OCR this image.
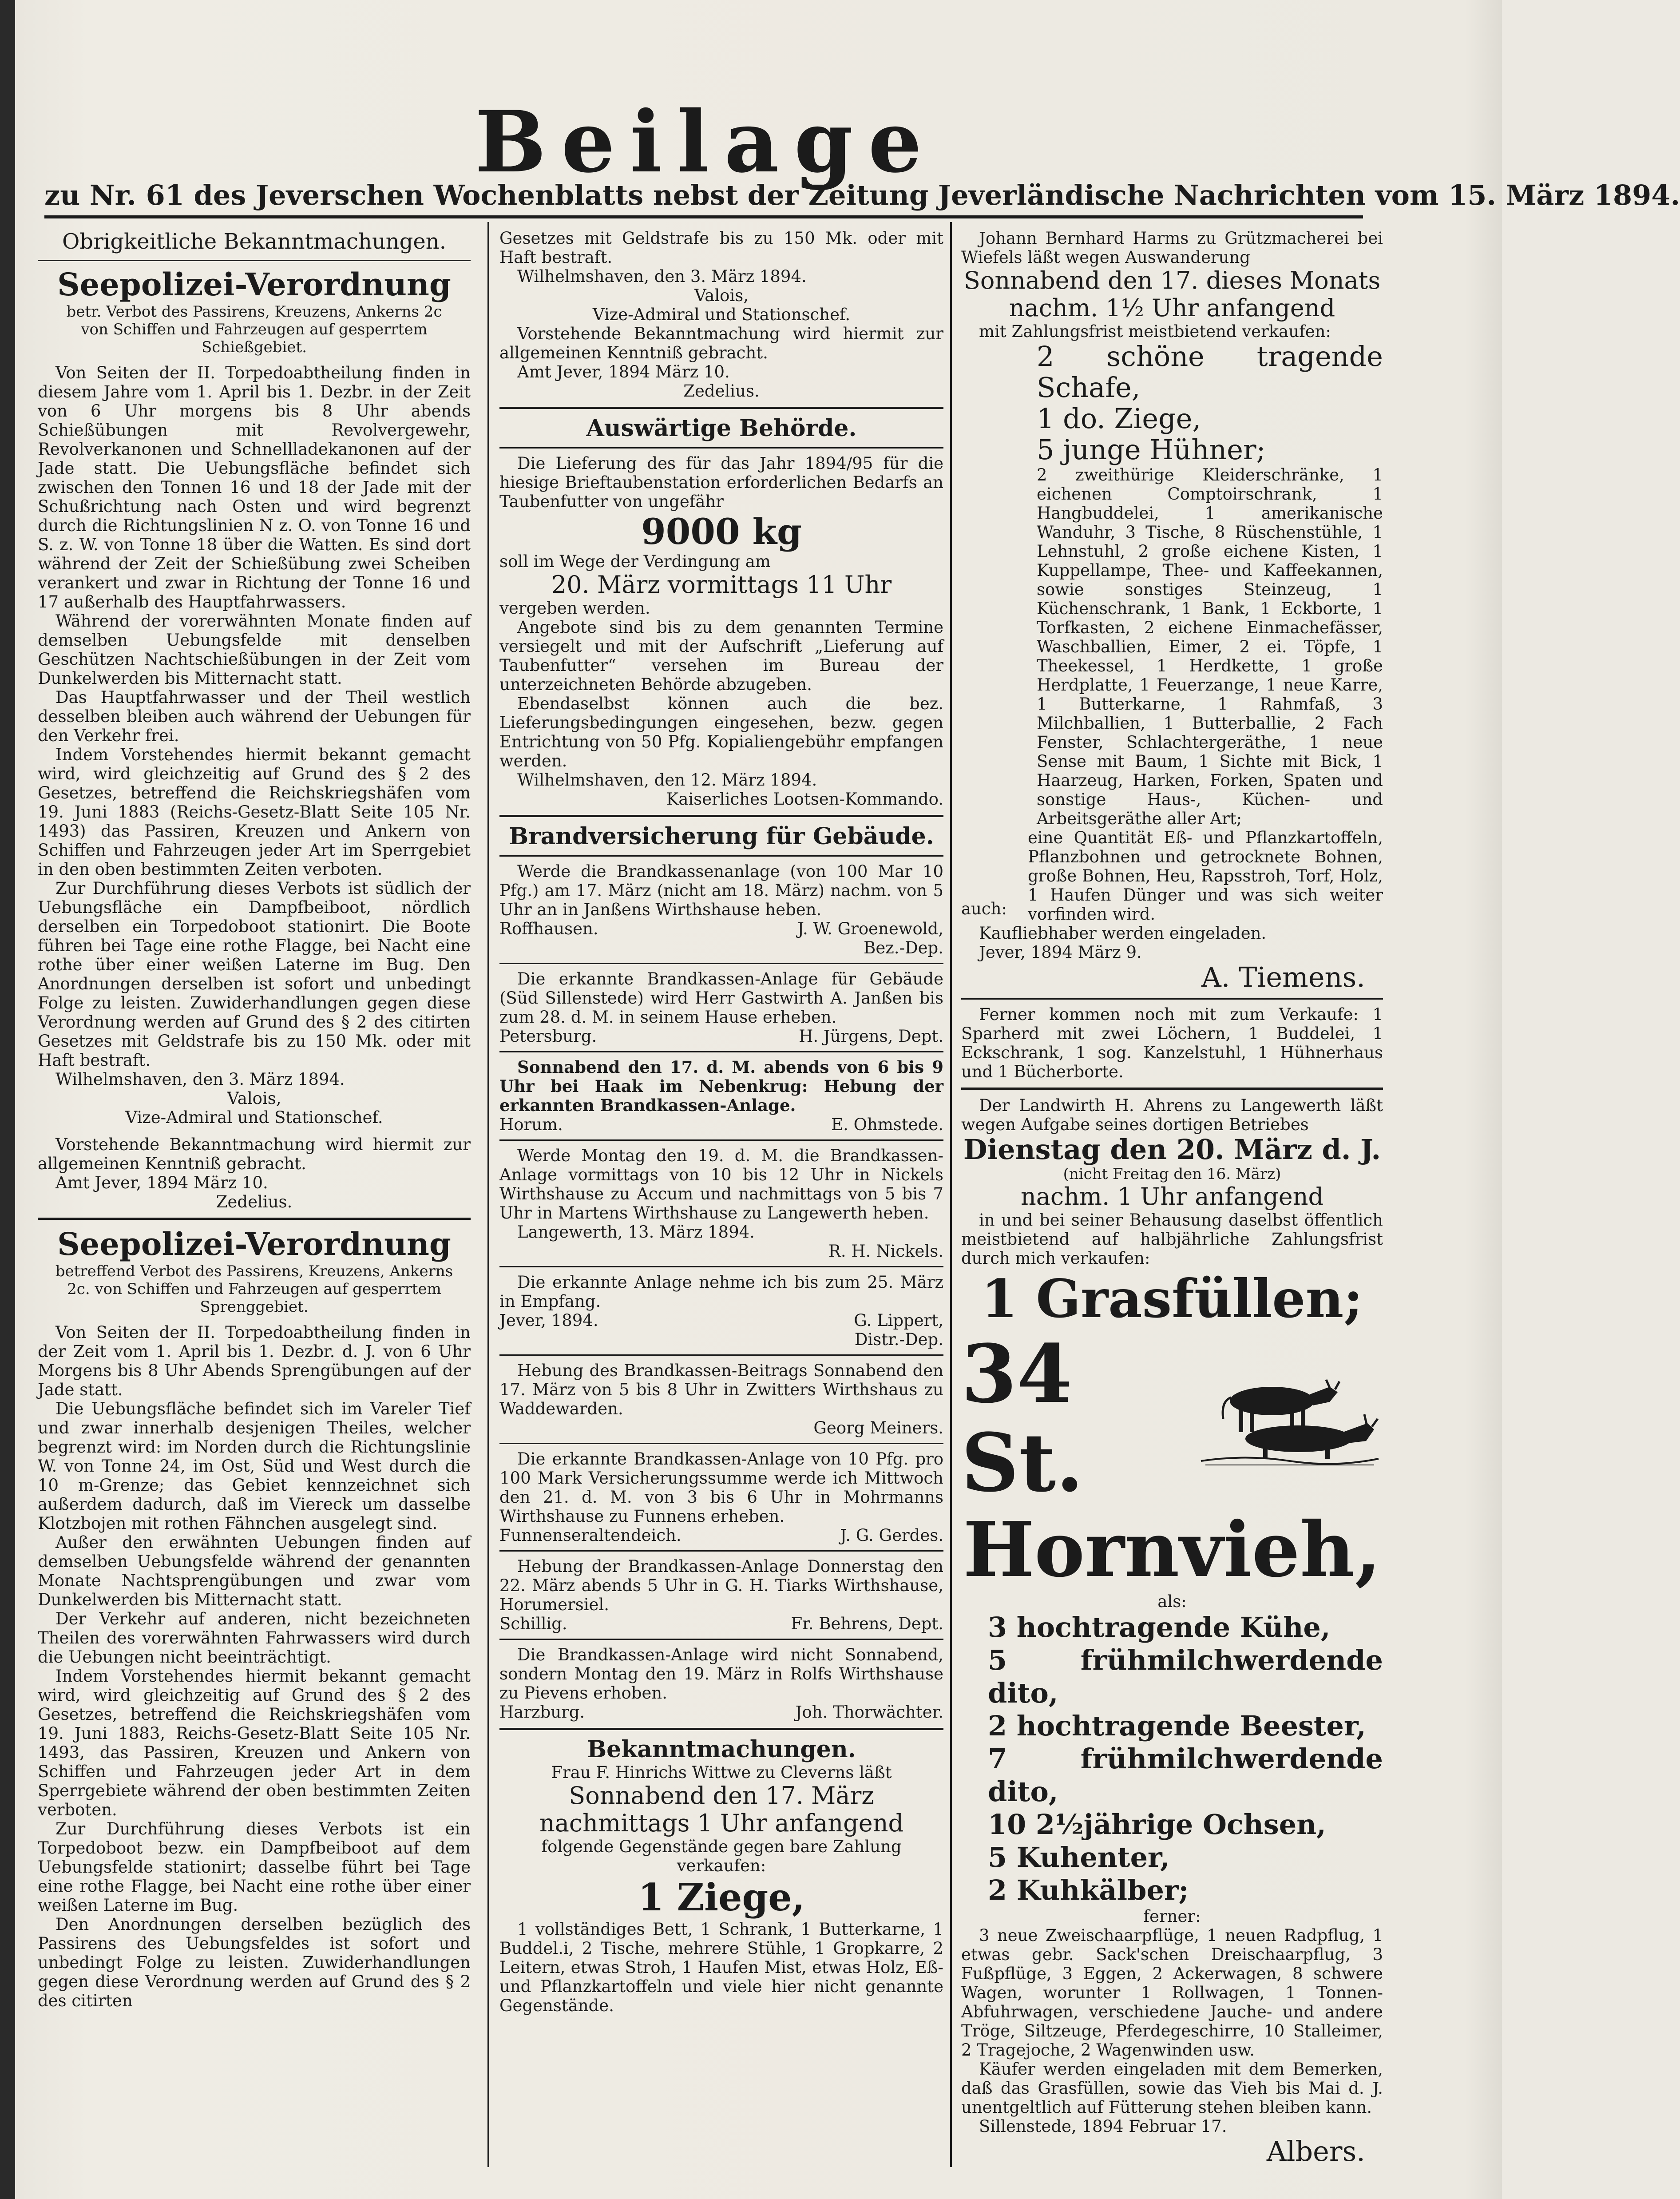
Beilage
zu Nr. 61 des Jeverschen Wochenblatts nebst der Zeitung Jeverländische Nachrichten vom 15. März 1894.

Obrigkeitliche Bekanntmachungen.

Seepolizei-Verordnung

betr. Verbot des Passirens, Kreuzens, Ankerns 2c von Schiffen und Fahrzeugen auf gesperrtem Schießgebiet.

Von Seiten der II. Torpedoabtheilung finden in diesem Jahre vom 1. April bis 1. Dezbr. in der Zeit von 6 Uhr morgens bis 8 Uhr abends Schießübungen mit Revolvergewehr, Revolverkanonen und Schnellladekanonen auf der Jade statt. Die Uebungsfläche befindet sich zwischen den Tonnen 16 und 18 der Jade mit der Schußrichtung nach Osten und wird begrenzt durch die Richtungslinien N z. O. von Tonne 16 und S. z. W. von Tonne 18 über die Watten. Es sind dort während der Zeit der Schießübung zwei Scheiben verankert und zwar in Richtung der Tonne 16 und 17 außerhalb des Hauptfahrwassers.

Während der vorerwähnten Monate finden auf demselben Uebungsfelde mit denselben Geschützen Nachtschießübungen in der Zeit vom Dunkelwerden bis Mitternacht statt.

Das Hauptfahrwasser und der Theil westlich desselben bleiben auch während der Uebungen für den Verkehr frei.

Indem Vorstehendes hiermit bekannt gemacht wird, wird gleichzeitig auf Grund des § 2 des Gesetzes, betreffend die Reichskriegshäfen vom 19. Juni 1883 (Reichs-Gesetz-Blatt Seite 105 Nr. 1493) das Passiren, Kreuzen und Ankern von Schiffen und Fahrzeugen jeder Art im Sperrgebiet in den oben bestimmten Zeiten verboten.

Zur Durchführung dieses Verbots ist südlich der Uebungsfläche ein Dampfbeiboot, nördlich derselben ein Torpedoboot stationirt. Die Boote führen bei Tage eine rothe Flagge, bei Nacht eine rothe über einer weißen Laterne im Bug. Den Anordnungen derselben ist sofort und unbedingt Folge zu leisten. Zuwiderhandlungen gegen diese Verordnung werden auf Grund des § 2 des citirten Gesetzes mit Geldstrafe bis zu 150 Mk. oder mit Haft bestraft.

Wilhelmshaven, den 3. März 1894.

Valois,

Vize-Admiral und Stationschef.

Vorstehende Bekanntmachung wird hiermit zur allgemeinen Kenntniß gebracht.

Amt Jever, 1894 März 10.

Zedelius.

Seepolizei-Verordnung

betreffend Verbot des Passirens, Kreuzens, Ankerns 2c. von Schiffen und Fahrzeugen auf gesperrtem Sprenggebiet.

Von Seiten der II. Torpedoabtheilung finden in der Zeit vom 1. April bis 1. Dezbr. d. J. von 6 Uhr Morgens bis 8 Uhr Abends Sprengübungen auf der Jade statt.

Die Uebungsfläche befindet sich im Vareler Tief und zwar innerhalb desjenigen Theiles, welcher begrenzt wird: im Norden durch die Richtungslinie W. von Tonne 24, im Ost, Süd und West durch die 10 m-Grenze; das Gebiet kennzeichnet sich außerdem dadurch, daß im Viereck um dasselbe Klotzbojen mit rothen Fähnchen ausgelegt sind.

Außer den erwähnten Uebungen finden auf demselben Uebungsfelde während der genannten Monate Nachtsprengübungen und zwar vom Dunkelwerden bis Mitternacht statt.

Der Verkehr auf anderen, nicht bezeichneten Theilen des vorerwähnten Fahrwassers wird durch die Uebungen nicht beeinträchtigt.

Indem Vorstehendes hiermit bekannt gemacht wird, wird gleichzeitig auf Grund des § 2 des Gesetzes, betreffend die Reichskriegshäfen vom 19. Juni 1883, Reichs-Gesetz-Blatt Seite 105 Nr. 1493, das Passiren, Kreuzen und Ankern von Schiffen und Fahrzeugen jeder Art in dem Sperrgebiete während der oben bestimmten Zeiten verboten.

Zur Durchführung dieses Verbots ist ein Torpedoboot bezw. ein Dampfbeiboot auf dem Uebungsfelde stationirt; dasselbe führt bei Tage eine rothe Flagge, bei Nacht eine rothe über einer weißen Laterne im Bug.

Den Anordnungen derselben bezüglich des Passirens des Uebungsfeldes ist sofort und unbedingt Folge zu leisten. Zuwiderhandlungen gegen diese Verordnung werden auf Grund des § 2 des citirten

Gesetzes mit Geldstrafe bis zu 150 Mk. oder mit Haft bestraft.

Wilhelmshaven, den 3. März 1894.

Valois,

Vize-Admiral und Stationschef.

Vorstehende Bekanntmachung wird hiermit zur allgemeinen Kenntniß gebracht.

Amt Jever, 1894 März 10.

Zedelius.

Auswärtige Behörde.

Die Lieferung des für das Jahr 1894/95 für die hiesige Brieftaubenstation erforderlichen Bedarfs an Taubenfutter von ungefähr

9000 kg

soll im Wege der Verdingung am

20. März vormittags 11 Uhr

vergeben werden.

Angebote sind bis zu dem genannten Termine versiegelt und mit der Aufschrift „Lieferung auf Taubenfutter“ versehen im Bureau der unterzeichneten Behörde abzugeben.

Ebendaselbst können auch die bez. Lieferungsbedingungen eingesehen, bezw. gegen Entrichtung von 50 Pfg. Kopialiengebühr empfangen werden.

Wilhelmshaven, den 12. März 1894.

Kaiserliches Lootsen-Kommando.

Brandversicherung für Gebäude.

Werde die Brandkassenanlage (von 100 Mar 10 Pfg.) am 17. März (nicht am 18. März) nachm. von 5 Uhr an in Janßens Wirthshause heben.

Roffhausen.	J. W. Groenewold,

Bez.-Dep.

Die erkannte Brandkassen-Anlage für Gebäude (Süd Sillenstede) wird Herr Gastwirth A. Janßen bis zum 28. d. M. in seinem Hause erheben.

Petersburg.	H. Jürgens, Dept.

Sonnabend den 17. d. M. abends von 6 bis 9 Uhr bei Haak im Nebenkrug: Hebung der erkannten Brandkassen-Anlage.

Horum.	E. Ohmstede.

Werde Montag den 19. d. M. die Brandkassen-Anlage vormittags von 10 bis 12 Uhr in Nickels Wirthshause zu Accum und nachmittags von 5 bis 7 Uhr in Martens Wirthshause zu Langewerth heben.

Langewerth, 13. März 1894.

R. H. Nickels.

Die erkannte Anlage nehme ich bis zum 25. März in Empfang.

Jever, 1894.	G. Lippert,

Distr.-Dep.

Hebung des Brandkassen-Beitrags Sonnabend den 17. März von 5 bis 8 Uhr in Zwitters Wirthshaus zu Waddewarden.

Georg Meiners.

Die erkannte Brandkassen-Anlage von 10 Pfg. pro 100 Mark Versicherungssumme werde ich Mittwoch den 21. d. M. von 3 bis 6 Uhr in Mohrmanns Wirthshause zu Funnens erheben.

Funnenseraltendeich.	J. G. Gerdes.

Hebung der Brandkassen-Anlage Donnerstag den 22. März abends 5 Uhr in G. H. Tiarks Wirthshause, Horumersiel.

Schillig.	Fr. Behrens, Dept.

Die Brandkassen-Anlage wird nicht Sonnabend, sondern Montag den 19. März in Rolfs Wirthshause zu Pievens erhoben.

Harzburg.	Joh. Thorwächter.

Bekanntmachungen.

Frau F. Hinrichs Wittwe zu Cleverns läßt

Sonnabend den 17. März

nachmittags 1 Uhr anfangend

folgende Gegenstände gegen bare Zahlung verkaufen:

1 Ziege,

1 vollständiges Bett, 1 Schrank, 1 Butterkarne, 1 Buddel.i, 2 Tische, mehrere Stühle, 1 Gropkarre, 2 Leitern, etwas Stroh, 1 Haufen Mist, etwas Holz, Eß- und Pflanzkartoffeln und viele hier nicht genannte Gegenstände.

Johann Bernhard Harms zu Grützmacherei bei Wiefels läßt wegen Auswanderung

Sonnabend den 17. dieses Monats

nachm. 1½ Uhr anfangend

mit Zahlungsfrist meistbietend verkaufen:

2 schöne tragende Schafe,

1 do. Ziege,

5 junge Hühner;

2 zweithürige Kleiderschränke, 1 eichenen Comptoirschrank, 1 Hangbuddelei, 1 amerikanische Wanduhr, 3 Tische, 8 Rüschenstühle, 1 Lehnstuhl, 2 große eichene Kisten, 1 Kuppellampe, Thee- und Kaffeekannen, sowie sonstiges Steinzeug, 1 Küchenschrank, 1 Bank, 1 Eckborte, 1 Torfkasten, 2 eichene Einmachefässer, Waschballien, Eimer, 2 ei. Töpfe, 1 Theekessel, 1 Herdkette, 1 große Herdplatte, 1 Feuerzange, 1 neue Karre, 1 Butterkarne, 1 Rahmfaß, 3 Milchballien, 1 Butterballie, 2 Fach Fenster, Schlachtergeräthe, 1 neue Sense mit Baum, 1 Sichte mit Bick, 1 Haarzeug, Harken, Forken, Spaten und sonstige Haus-, Küchen- und Arbeitsgeräthe aller Art;

auch:

eine Quantität Eß- und Pflanzkartoffeln, Pflanzbohnen und getrocknete Bohnen, große Bohnen, Heu, Rapsstroh, Torf, Holz, 1 Haufen Dünger und was sich weiter vorfinden wird.

Kaufliebhaber werden eingeladen.

Jever, 1894 März 9.

A. Tiemens.

Ferner kommen noch mit zum Verkaufe: 1 Sparherd mit zwei Löchern, 1 Buddelei, 1 Eckschrank, 1 sog. Kanzelstuhl, 1 Hühnerhaus und 1 Bücherborte.

Der Landwirth H. Ahrens zu Langewerth läßt wegen Aufgabe seines dortigen Betriebes

Dienstag den 20. März d. J.

(nicht Freitag den 16. März)

nachm. 1 Uhr anfangend

in und bei seiner Behausung daselbst öffentlich meistbietend auf halbjährliche Zahlungsfrist durch mich verkaufen:

1 Grasfüllen;

34 St.

Hornvieh,

als:

3 hochtragende Kühe,

5 frühmilchwerdende dito,

2 hochtragende Beester,

7 frühmilchwerdende dito,

10 2½jährige Ochsen,

5 Kuhenter,

2 Kuhkälber;

ferner:

3 neue Zweischaarpflüge, 1 neuen Radpflug, 1 etwas gebr. Sack'schen Dreischaarpflug, 3 Fußpflüge, 3 Eggen, 2 Ackerwagen, 8 schwere Wagen, worunter 1 Rollwagen, 1 Tonnen-Abfuhrwagen, verschiedene Jauche- und andere Tröge, Siltzeuge, Pferdegeschirre, 10 Stalleimer, 2 Tragejoche, 2 Wagenwinden usw.

Käufer werden eingeladen mit dem Bemerken, daß das Grasfüllen, sowie das Vieh bis Mai d. J. unentgeltlich auf Fütterung stehen bleiben kann.

Sillenstede, 1894 Februar 17.

Albers.
